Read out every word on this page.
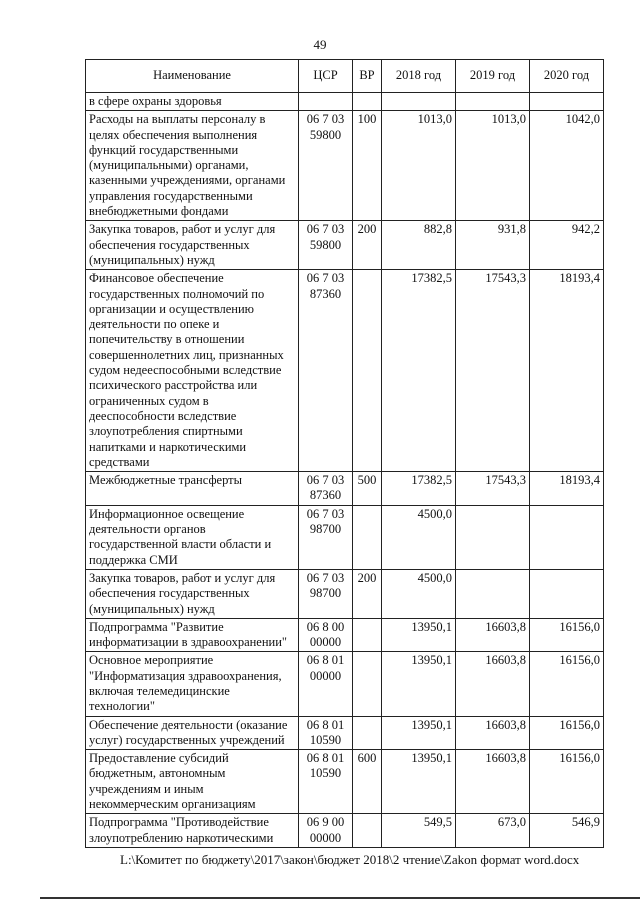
49
Наименование	ЦСР	ВР	2018 год	2019 год	2020 год
в сфере охраны здоровья					
Расходы на выплаты персоналу в целях обеспечения выполнения функций государственными (муниципальными) органами, казенными учреждениями, органами управления государственными внебюджетными фондами	06 7 03 59800	100	1013,0	1013,0	1042,0
Закупка товаров, работ и услуг для обеспечения государственных (муниципальных) нужд	06 7 03 59800	200	882,8	931,8	942,2
Финансовое обеспечение государственных полномочий по организации и осуществлению деятельности по опеке и попечительству в отношении совершеннолетних лиц, признанных судом недееспособными вследствие психического расстройства или ограниченных судом в дееспособности вследствие злоупотребления спиртными напитками и наркотическими средствами	06 7 03 87360		17382,5	17543,3	18193,4
Межбюджетные трансферты	06 7 03 87360	500	17382,5	17543,3	18193,4
Информационное освещение деятельности органов государственной власти области и поддержка СМИ	06 7 03 98700		4500,0		
Закупка товаров, работ и услуг для обеспечения государственных (муниципальных) нужд	06 7 03 98700	200	4500,0		
Подпрограмма "Развитие информатизации в здравоохранении"	06 8 00 00000		13950,1	16603,8	16156,0
Основное мероприятие "Информатизация здравоохранения, включая телемедицинские технологии"	06 8 01 00000		13950,1	16603,8	16156,0
Обеспечение деятельности (оказание услуг) государственных учреждений	06 8 01 10590		13950,1	16603,8	16156,0
Предоставление субсидий бюджетным, автономным учреждениям и иным некоммерческим организациям	06 8 01 10590	600	13950,1	16603,8	16156,0
Подпрограмма "Противодействие злоупотреблению наркотическими	06 9 00 00000		549,5	673,0	546,9
L:\Комитет по бюджету\2017\закон\бюджет 2018\2 чтение\Zakon формат word.docx
